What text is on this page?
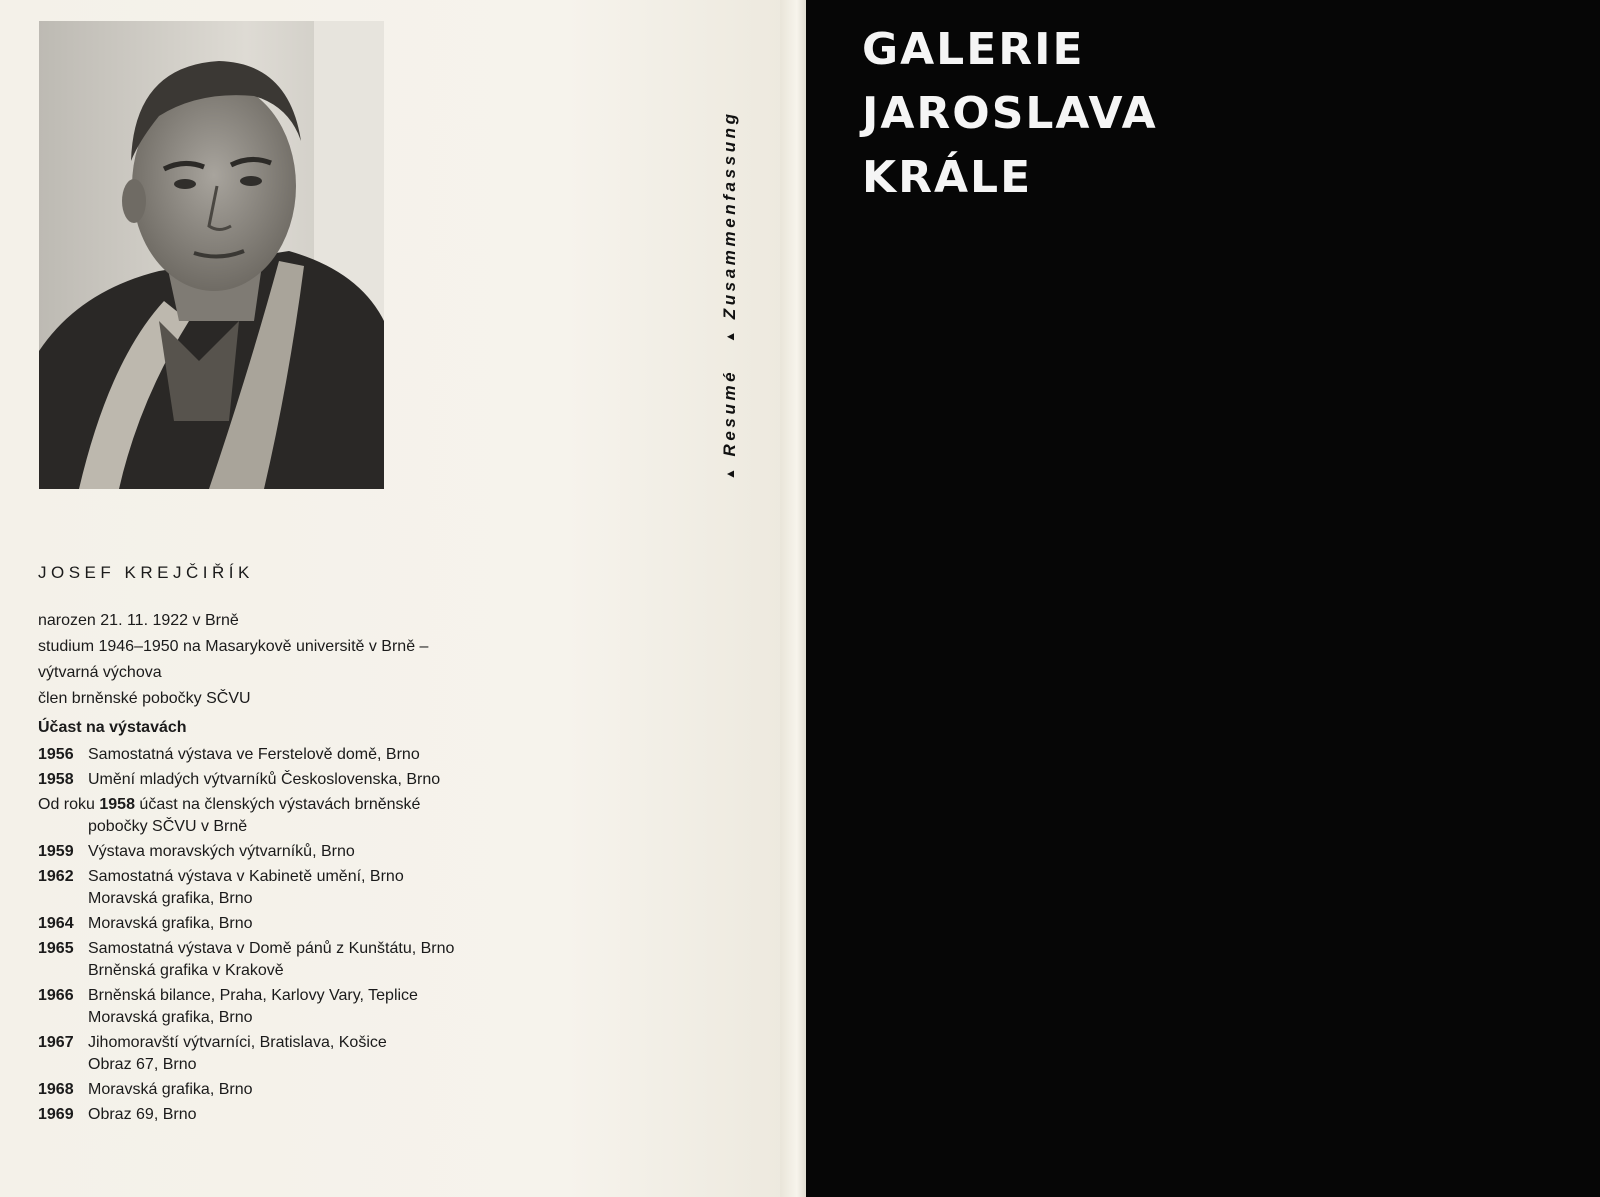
JOSEF KREJČIŘÍK
narozen 21. 11. 1922 v Brně
studium 1946–1950 na Masarykově universitě v Brně –
výtvarná výchova
člen brněnské pobočky SČVU
Účast na výstavách
1956 Samostatná výstava ve Ferstelově domě, Brno
1958 Umění mladých výtvarníků Československa, Brno
Od roku 1958 účast na členských výstavách brněnské
pobočky SČVU v Brně
1959 Výstava moravských výtvarníků, Brno
1962 Samostatná výstava v Kabinetě umění, Brno
Moravská grafika, Brno
1964 Moravská grafika, Brno
1965 Samostatná výstava v Domě pánů z Kunštátu, Brno
Brněnská grafika v Krakově
1966 Brněnská bilance, Praha, Karlovy Vary, Teplice
Moravská grafika, Brno
1967 Jihomoravští výtvarníci, Bratislava, Košice
Obraz 67, Brno
1968 Moravská grafika, Brno
1969 Obraz 69, Brno
▲
Resumé
▲
Zusammenfassung
GALERIE
JAROSLAVA
KRÁLE
